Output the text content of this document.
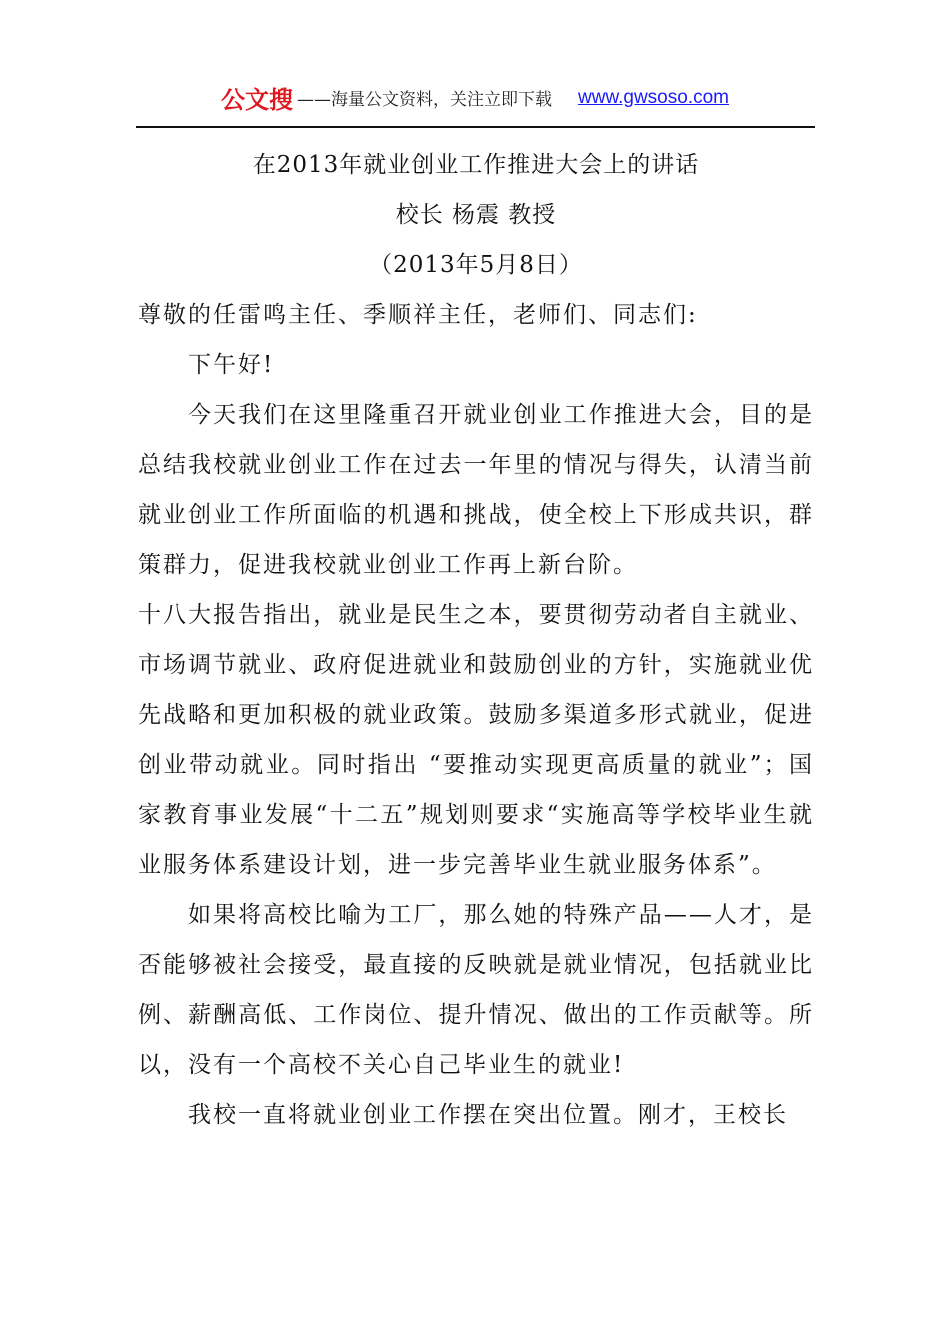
公文搜 ——海量公文资料，关注立即下载 www.gwsoso.com

在2013年就业创业工作推进大会上的讲话

校长 杨震 教授

（2013年5月8日）

尊敬的任雷鸣主任、季顺祥主任，老师们、同志们:

下午好!

今天我们在这里隆重召开就业创业工作推进大会，目的是总结我校就业创业工作在过去一年里的情况与得失，认清当前就业创业工作所面临的机遇和挑战，使全校上下形成共识，群策群力，促进我校就业创业工作再上新台阶。

十八大报告指出，就业是民生之本，要贯彻劳动者自主就业、市场调节就业、政府促进就业和鼓励创业的方针，实施就业优先战略和更加积极的就业政策。鼓励多渠道多形式就业，促进创业带动就业。同时指出 “要推动实现更高质量的就业”；国家教育事业发展“十二五”规划则要求“实施高等学校毕业生就业服务体系建设计划，进一步完善毕业生就业服务体系”。

如果将高校比喻为工厂，那么她的特殊产品——人才，是否能够被社会接受，最直接的反映就是就业情况，包括就业比例、薪酬高低、工作岗位、提升情况、做出的工作贡献等。所以，没有一个高校不关心自己毕业生的就业!

我校一直将就业创业工作摆在突出位置。刚才，王校长
